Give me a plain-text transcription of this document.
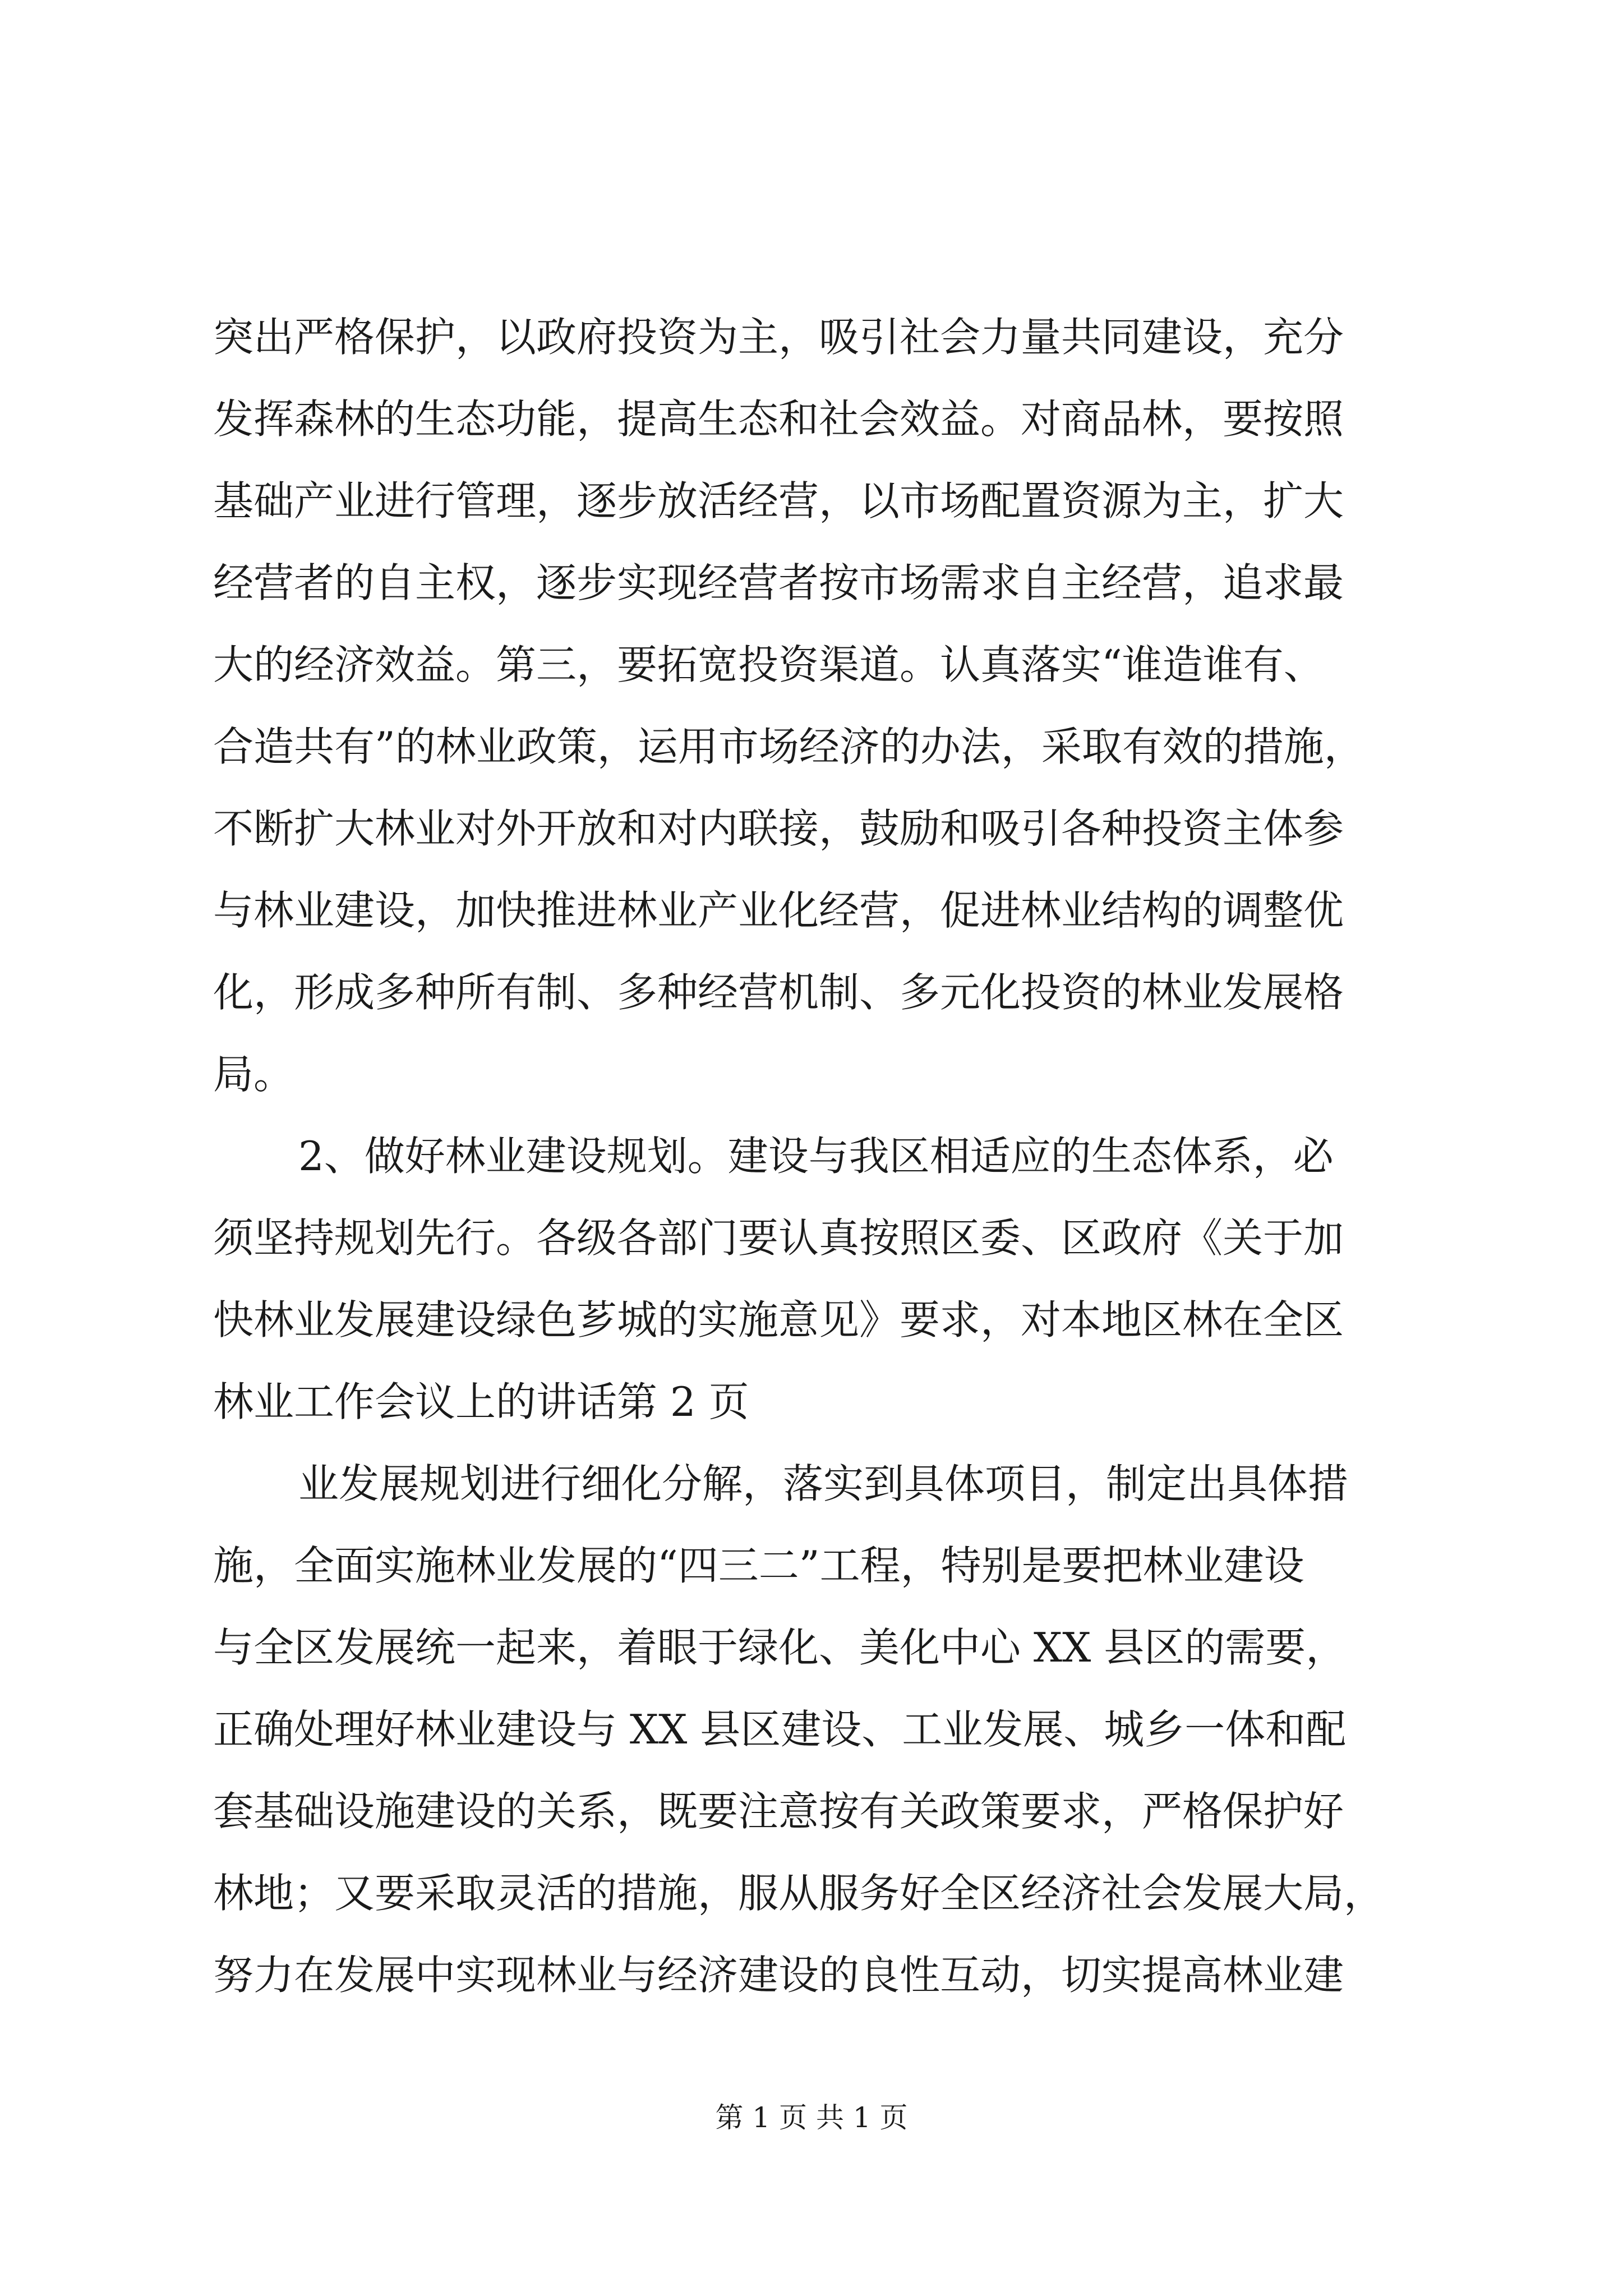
突出严格保护，以政府投资为主，吸引社会力量共同建设，充分
发挥森林的生态功能，提高生态和社会效益。对商品林，要按照
基础产业进行管理，逐步放活经营，以市场配置资源为主，扩大
经营者的自主权，逐步实现经营者按市场需求自主经营，追求最
大的经济效益。第三，要拓宽投资渠道。认真落实“谁造谁有、
合造共有”的林业政策，运用市场经济的办法，采取有效的措施，
不断扩大林业对外开放和对内联接，鼓励和吸引各种投资主体参
与林业建设，加快推进林业产业化经营，促进林业结构的调整优
化，形成多种所有制、多种经营机制、多元化投资的林业发展格
局。
2、做好林业建设规划。建设与我区相适应的生态体系，必
须坚持规划先行。各级各部门要认真按照区委、区政府《关于加
快林业发展建设绿色芗城的实施意见》要求，对本地区林在全区
林业工作会议上的讲话第 2 页
业发展规划进行细化分解，落实到具体项目，制定出具体措
施，全面实施林业发展的“四三二”工程，特别是要把林业建设
与全区发展统一起来，着眼于绿化、美化中心 XX 县区的需要，
正确处理好林业建设与 XX 县区建设、工业发展、城乡一体和配
套基础设施建设的关系，既要注意按有关政策要求，严格保护好
林地；又要采取灵活的措施，服从服务好全区经济社会发展大局，
努力在发展中实现林业与经济建设的良性互动，切实提高林业建
第 1 页 共 1 页
